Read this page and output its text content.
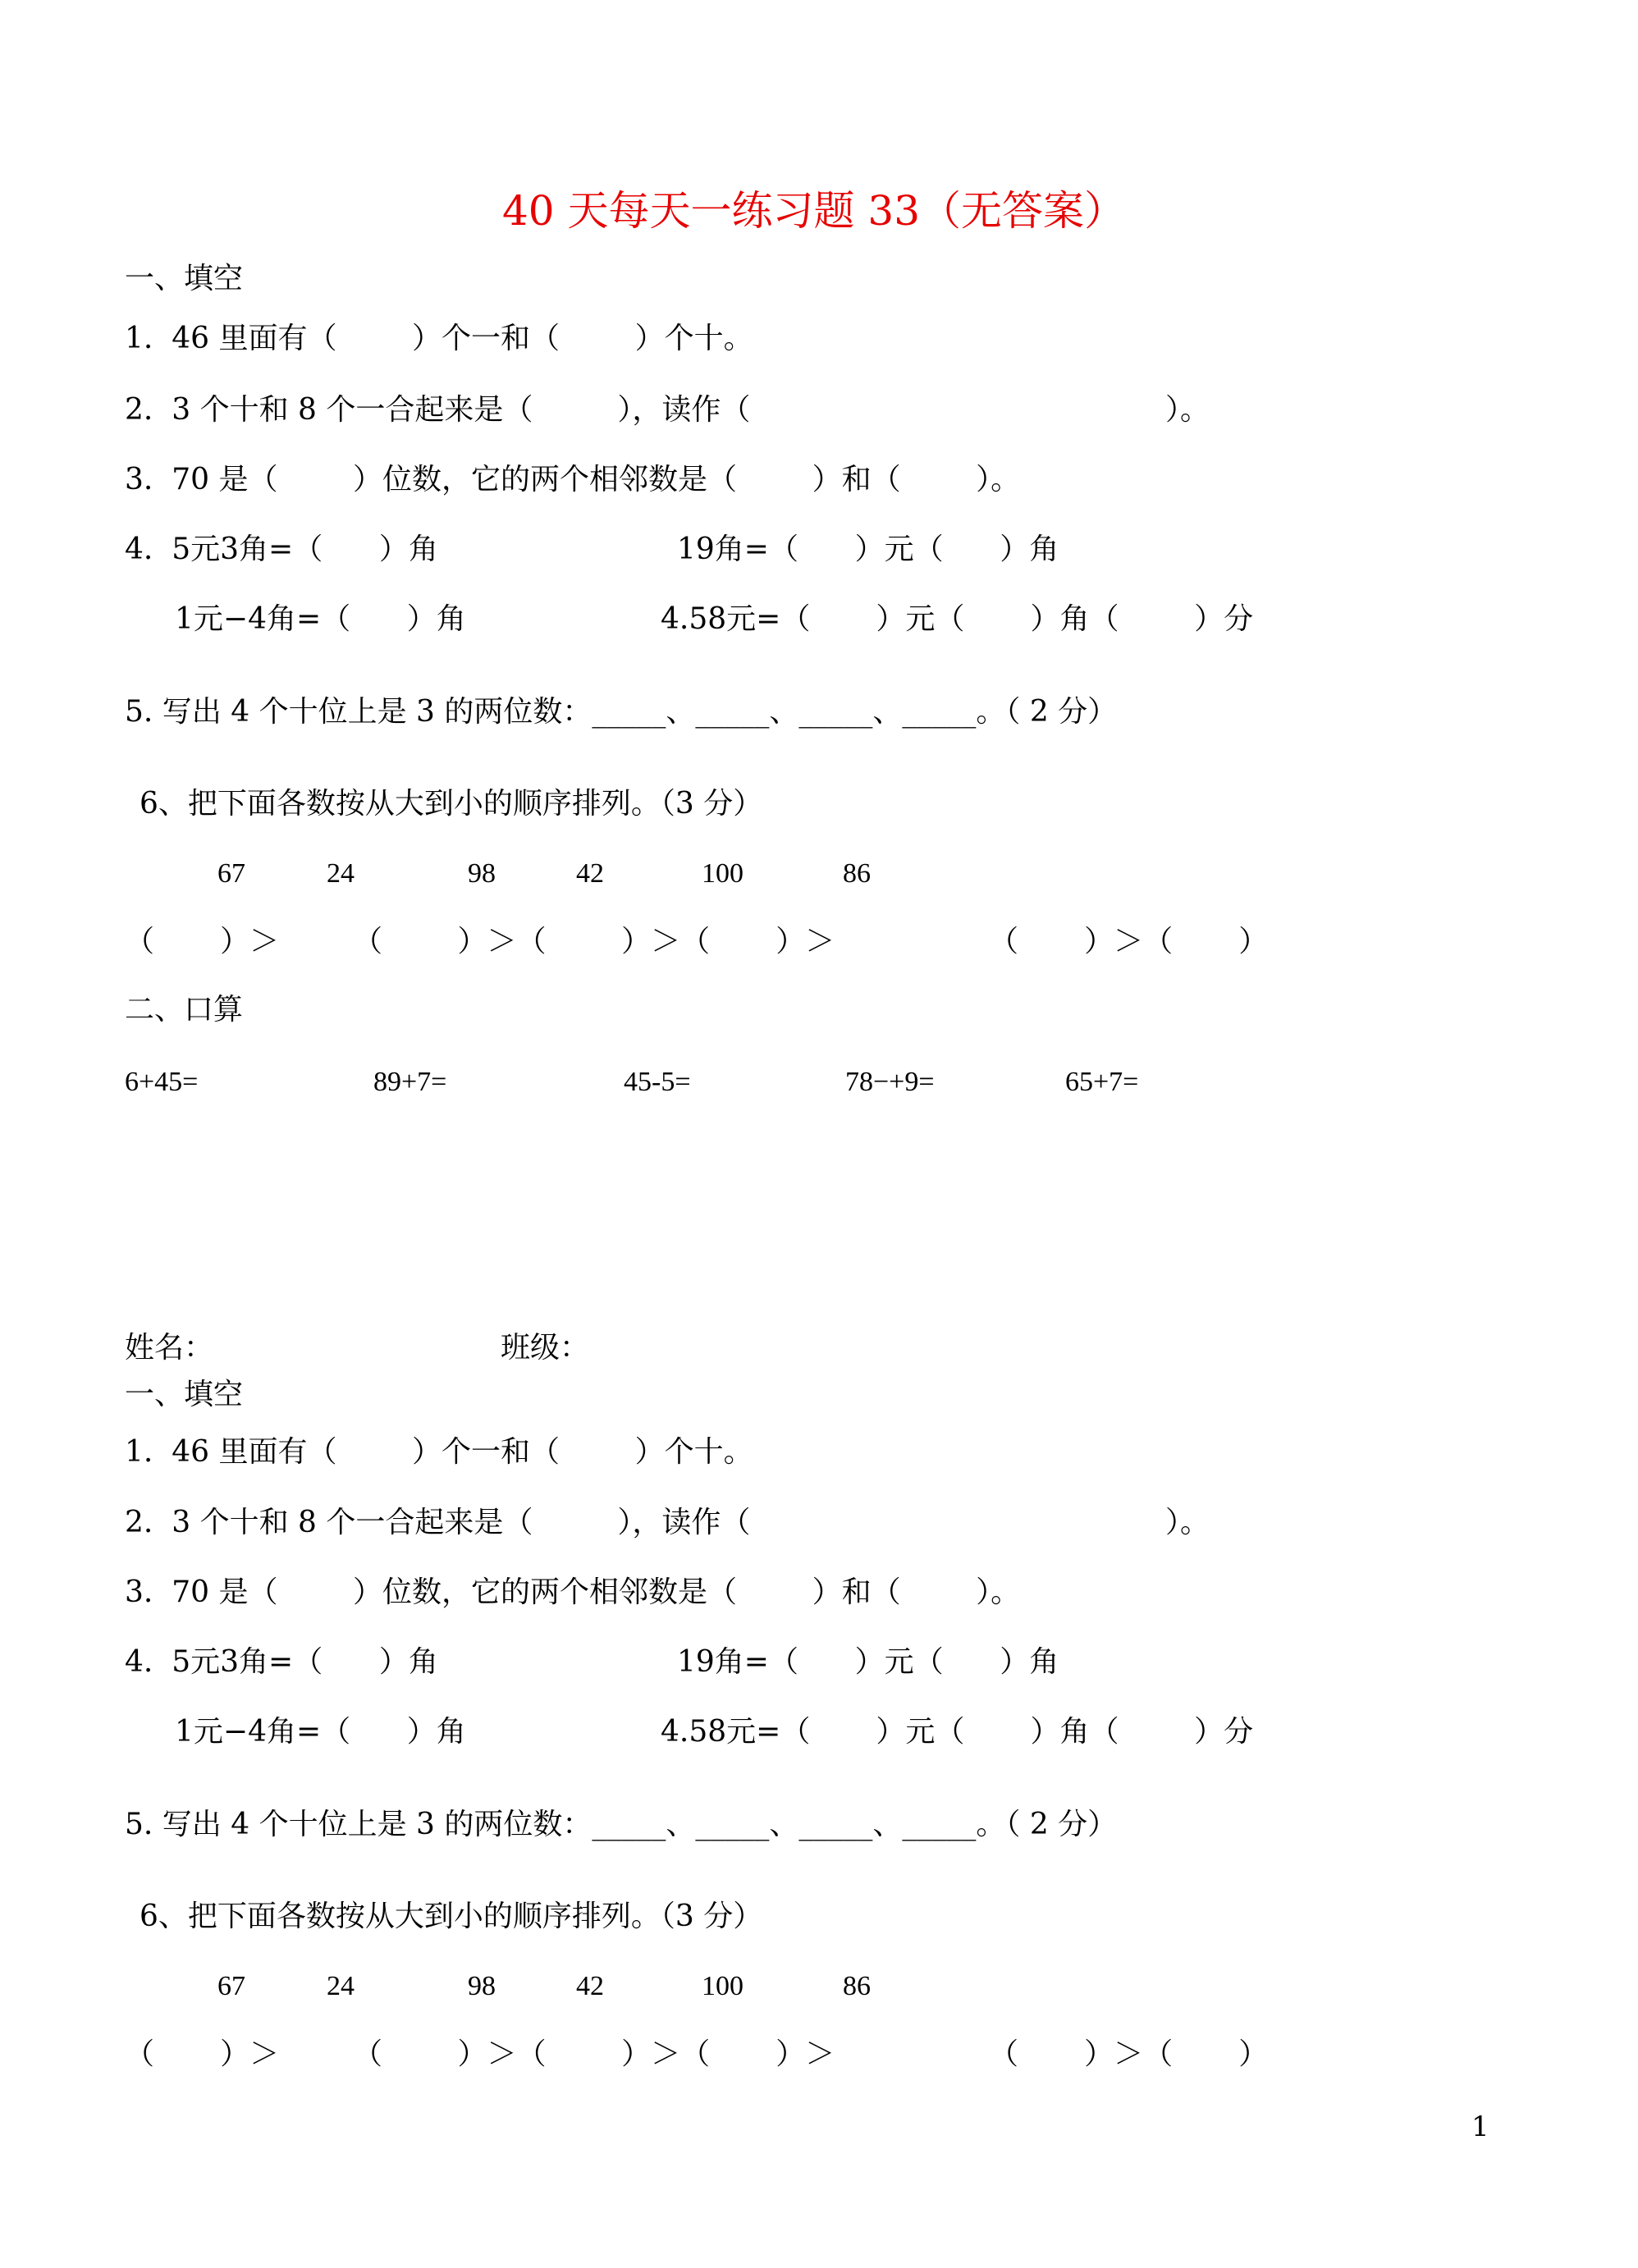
40 天每天一练习题 33（无答案）
一、填空
1.  46 里面有（        ）个一和（        ）个十。
2.  3 个十和 8 个一合起来是（         ），读作（	）。
3.  70 是（        ）位数，它的两个相邻数是（        ）和（        ）。
4.  5元3角=（      ）角	19角=（      ）元（      ）角
1元−4角=（      ）角	4.58元=（       ）元（       ）角（        ）分
5. 写出 4 个十位上是 3 的两位数：_____、_____、_____、_____。（ 2 分）
6、把下面各数按从大到小的顺序排列。（3 分）
67	24	98	42	100	86
（       ）＞ （        ）＞（        ）＞（       ）＞	（       ）＞（       ）
二、口算
6+45=	89+7=	45-5=	78−+9=	65+7=
姓名：	班级：
一、填空
1.  46 里面有（        ）个一和（        ）个十。
2.  3 个十和 8 个一合起来是（         ），读作（	）。
3.  70 是（        ）位数，它的两个相邻数是（        ）和（        ）。
4.  5元3角=（      ）角	19角=（      ）元（      ）角
1元−4角=（      ）角	4.58元=（       ）元（       ）角（        ）分
5. 写出 4 个十位上是 3 的两位数：_____、_____、_____、_____。（ 2 分）
6、把下面各数按从大到小的顺序排列。（3 分）
67	24	98	42	100	86
（       ）＞ （        ）＞（        ）＞（       ）＞	（       ）＞（       ）
1
